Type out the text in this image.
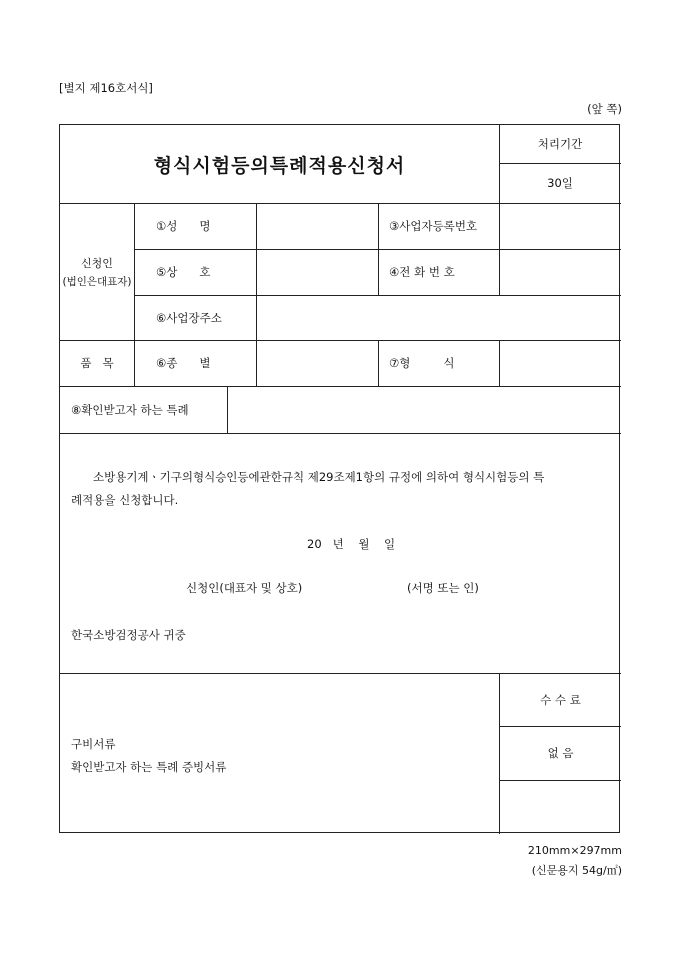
[별지 제16호서식]
(앞 쪽)
형식시험등의특례적용신청서
처리기간
30일
신청인
(법인은대표자)
①성      명	③사업자등록번호
⑤상      호	④전 화 번 호
⑥사업장주소
품   목	⑥종      별	⑦형         식
⑧확인받고자 하는 특례
소방용기계ㆍ기구의형식승인등에관한규칙 제29조제1항의 규정에 의하여 형식시험등의 특
례적용을 신청합니다.
20   년    월    일
신청인(대표자 및 상호)	(서명 또는 인)
한국소방검정공사 귀중
구비서류
확인받고자 하는 특례 증빙서류
수 수 료
없 음
210mm×297mm
(신문용지 54g/㎡)
